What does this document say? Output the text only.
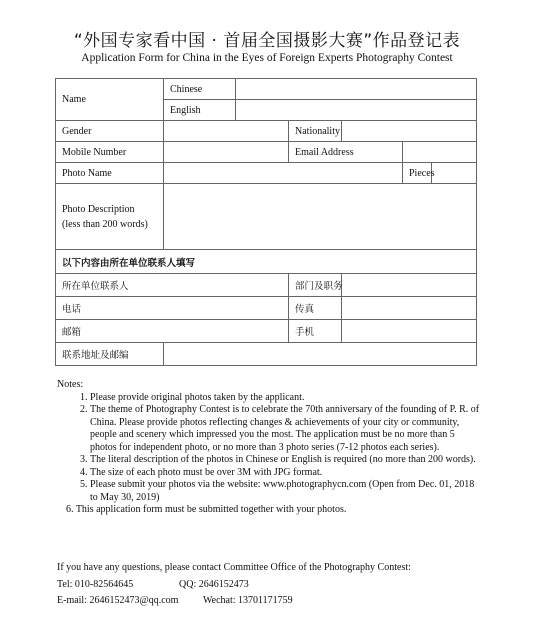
“外国专家看中国 · 首届全国摄影大赛”作品登记表
Application Form for China in the Eyes of Foreign Experts Photography Contest
Name	Chinese					
	English					
Gender			Nationality			
Mobile Number			Email Address			
Photo Name					Pieces	
Photo Description
(less than 200 words)						
以下内容由所在单位联系人填写						
所在单位联系人			部门及职务			
电话			传真			
邮箱			手机			
联系地址及邮编						
Notes:
1. Please provide original photos taken by the applicant.
2. The theme of Photography Contest is to celebrate the 70th anniversary of the founding of P. R. of China. Please provide photos reflecting changes & achievements of your city or community, people and scenery which impressed you the most. The application must be no more than 5 photos for independent photo, or no more than 3 photo series (7-12 photos each series).
3. The literal description of the photos in Chinese or English is required (no more than 200 words).
4. The size of each photo must be over 3M with JPG format.
5. Please submit your photos via the website: www.photographycn.com (Open from Dec. 01, 2018 to May 30, 2019)
6. This application form must be submitted together with your photos.
If you have any questions, please contact Committee Office of the Photography Contest:
Tel: 010-82564645	QQ: 2646152473
E-mail: 2646152473@qq.com Wechat: 13701171759
